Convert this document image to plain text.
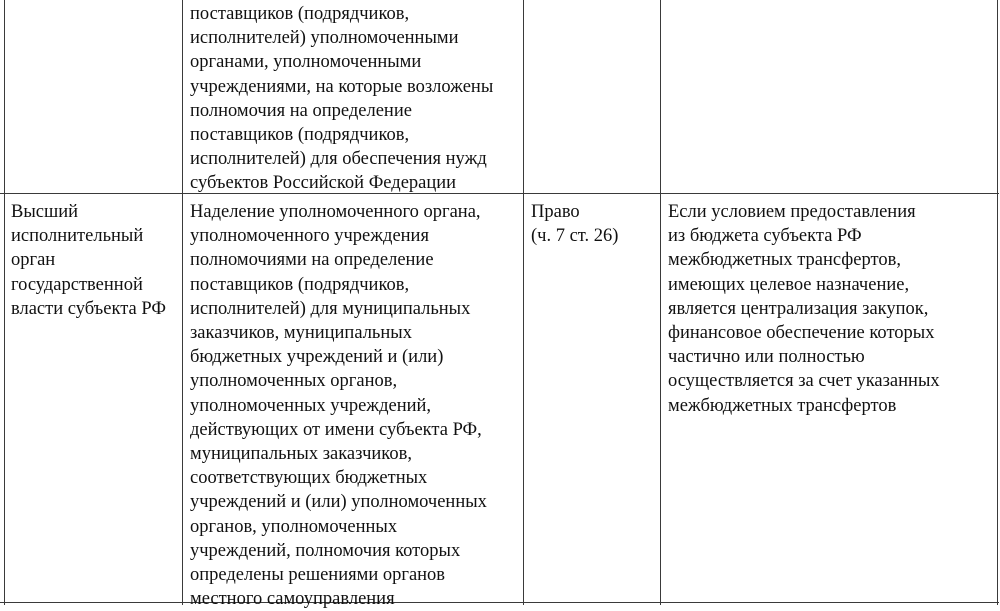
поставщиков (подрядчиков,
исполнителей) уполномоченными
органами, уполномоченными
учреждениями, на которые возложены
полномочия на определение
поставщиков (подрядчиков,
исполнителей) для обеспечения нужд
субъектов Российской Федерации
Высший
исполнительный
орган
государственной
власти субъекта РФ
Наделение уполномоченного органа,
уполномоченного учреждения
полномочиями на определение
поставщиков (подрядчиков,
исполнителей) для муниципальных
заказчиков, муниципальных
бюджетных учреждений и (или)
уполномоченных органов,
уполномоченных учреждений,
действующих от имени субъекта РФ,
муниципальных заказчиков,
соответствующих бюджетных
учреждений и (или) уполномоченных
органов, уполномоченных
учреждений, полномочия которых
определены решениями органов
местного самоуправления
Право
(ч. 7 ст. 26)
Если условием предоставления
из бюджета субъекта РФ
межбюджетных трансфертов,
имеющих целевое назначение,
является централизация закупок,
финансовое обеспечение которых
частично или полностью
осуществляется за счет указанных
межбюджетных трансфертов
